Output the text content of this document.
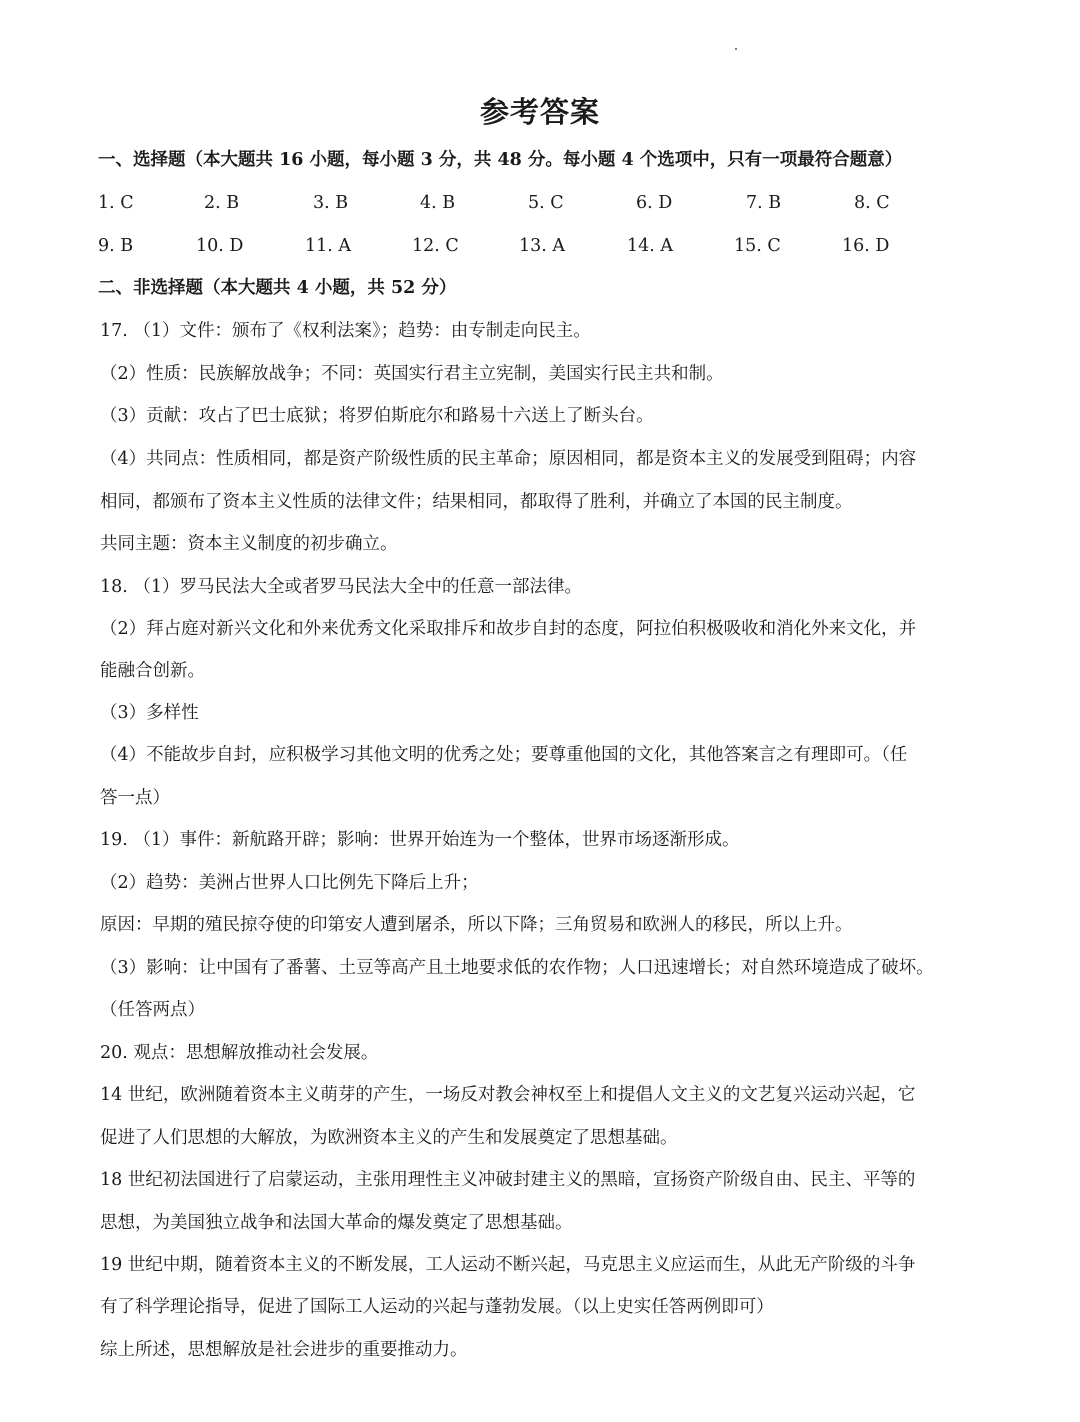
参考答案
一、选择题（本大题共 16 小题，每小题 3 分，共 48 分。每小题 4 个选项中，只有一项最符合题意）
1. C	2. B	3. B	4. B	5. C	6. D	7. B	8. C
9. B	10. D	11. A	12. C	13. A	14. A	15. C	16. D
二、非选择题（本大题共 4 小题，共 52 分）
17. （1）文件：颁布了《权利法案》；趋势：由专制走向民主。
（2）性质：民族解放战争；不同：英国实行君主立宪制，美国实行民主共和制。
（3）贡献：攻占了巴士底狱；将罗伯斯庇尔和路易十六送上了断头台。
（4）共同点：性质相同，都是资产阶级性质的民主革命；原因相同，都是资本主义的发展受到阻碍；内容
相同，都颁布了资本主义性质的法律文件；结果相同，都取得了胜利，并确立了本国的民主制度。
共同主题：资本主义制度的初步确立。
18. （1）罗马民法大全或者罗马民法大全中的任意一部法律。
（2）拜占庭对新兴文化和外来优秀文化采取排斥和故步自封的态度，阿拉伯积极吸收和消化外来文化，并
能融合创新。
（3）多样性
（4）不能故步自封，应积极学习其他文明的优秀之处；要尊重他国的文化，其他答案言之有理即可。（任
答一点）
19. （1）事件：新航路开辟；影响：世界开始连为一个整体，世界市场逐渐形成。
（2）趋势：美洲占世界人口比例先下降后上升；
原因：早期的殖民掠夺使的印第安人遭到屠杀，所以下降；三角贸易和欧洲人的移民，所以上升。
（3）影响：让中国有了番薯、土豆等高产且土地要求低的农作物；人口迅速增长；对自然环境造成了破坏。
（任答两点）
20. 观点：思想解放推动社会发展。
14 世纪，欧洲随着资本主义萌芽的产生，一场反对教会神权至上和提倡人文主义的文艺复兴运动兴起，它
促进了人们思想的大解放，为欧洲资本主义的产生和发展奠定了思想基础。
18 世纪初法国进行了启蒙运动，主张用理性主义冲破封建主义的黑暗，宣扬资产阶级自由、民主、平等的
思想，为美国独立战争和法国大革命的爆发奠定了思想基础。
19 世纪中期，随着资本主义的不断发展，工人运动不断兴起，马克思主义应运而生，从此无产阶级的斗争
有了科学理论指导，促进了国际工人运动的兴起与蓬勃发展。（以上史实任答两例即可）
综上所述，思想解放是社会进步的重要推动力。
